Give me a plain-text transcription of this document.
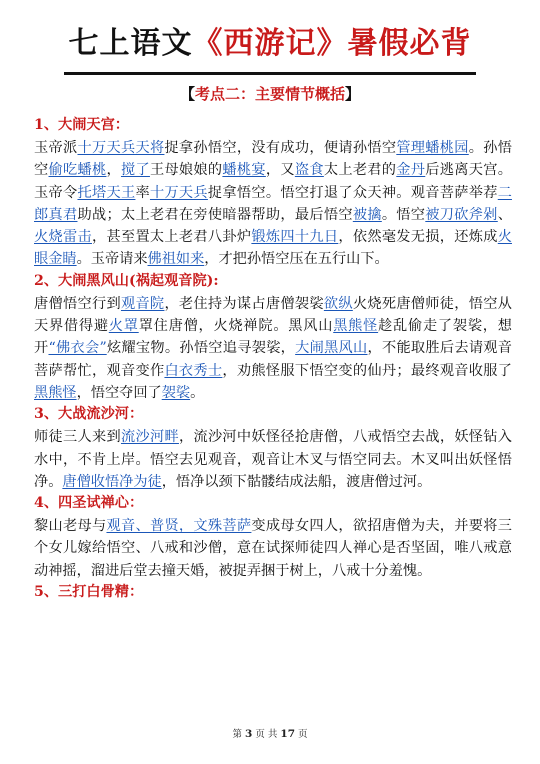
七上语文《西游记》暑假必背
【考点二：主要情节概括】
1、大闹天宫：
玉帝派十万天兵天将捉拿孙悟空，没有成功，便请孙悟空管理蟠桃园。孙悟空偷吃蟠桃，搅了王母娘娘的蟠桃宴，又盗食太上老君的金丹后逃离天宫。玉帝令托塔天王率十万天兵捉拿悟空。悟空打退了众天神。观音菩萨举荐二郎真君助战；太上老君在旁使暗器帮助，最后悟空被擒。悟空被刀砍斧剁、火烧雷击，甚至置太上老君八卦炉锻炼四十九日，依然毫发无损，还炼成火眼金睛。玉帝请来佛祖如来，才把孙悟空压在五行山下。
2、大闹黑风山(祸起观音院):
唐僧悟空行到观音院，老住持为谋占唐僧袈裟欲纵火烧死唐僧师徒，悟空从天界借得避火罩罩住唐僧，火烧禅院。黑风山黑熊怪趁乱偷走了袈裟，想开“佛衣会”炫耀宝物。孙悟空追寻袈裟，大闹黑风山，不能取胜后去请观音菩萨帮忙，观音变作白衣秀士，劝熊怪服下悟空变的仙丹；最终观音收服了黑熊怪，悟空夺回了袈裟。
3、大战流沙河：
师徒三人来到流沙河畔，流沙河中妖怪径抢唐僧，八戒悟空去战，妖怪钻入水中，不肯上岸。悟空去见观音，观音让木叉与悟空同去。木叉叫出妖怪悟净。唐僧收悟净为徒，悟净以颈下骷髅结成法船，渡唐僧过河。
4、四圣试禅心：
黎山老母与观音、普贤，文殊菩萨变成母女四人，欲招唐僧为夫，并要将三个女儿嫁给悟空、八戒和沙僧，意在试探师徒四人禅心是否坚固，唯八戒意动神摇，溜进后堂去撞天婚，被捉弄捆于树上，八戒十分羞愧。
5、三打白骨精：
第 3 页 共 17 页
